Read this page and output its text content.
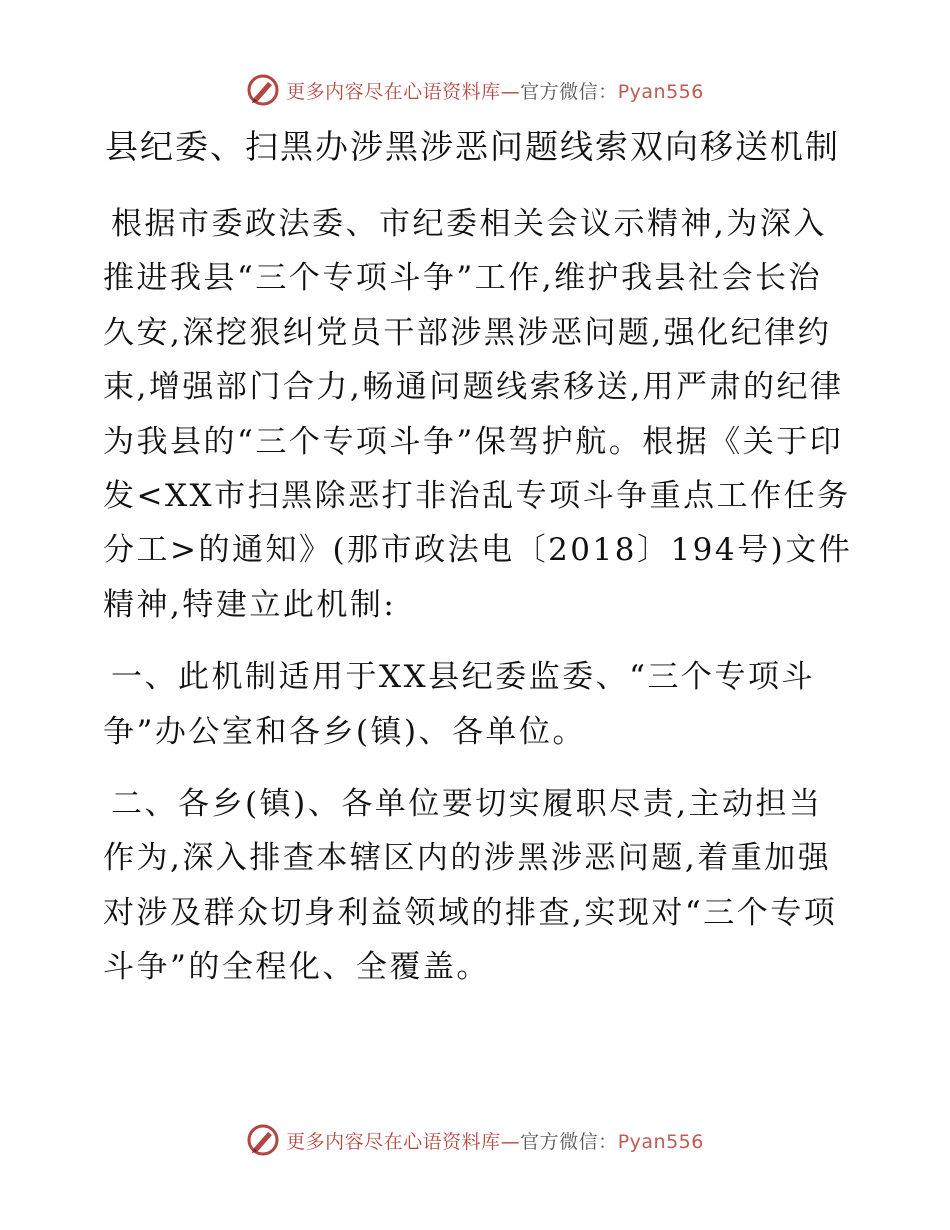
更多内容尽在心语资料库—官方微信：Pyan556
县纪委、扫黑办涉黑涉恶问题线索双向移送机制

根据市委政法委、市纪委相关会议示精神,为深入推进我县“三个专项斗争”工作,维护我县社会长治久安,深挖狠纠党员干部涉黑涉恶问题,强化纪律约束,增强部门合力,畅通问题线索移送,用严肃的纪律为我县的“三个专项斗争”保驾护航。根据《关于印发<XX市扫黑除恶打非治乱专项斗争重点工作任务分工>的通知》(那市政法电〔2018〕194号)文件精神,特建立此机制:

一、此机制适用于XX县纪委监委、“三个专项斗争”办公室和各乡(镇)、各单位。

二、各乡(镇)、各单位要切实履职尽责,主动担当作为,深入排查本辖区内的涉黑涉恶问题,着重加强对涉及群众切身利益领域的排查,实现对“三个专项斗争”的全程化、全覆盖。

更多内容尽在心语资料库—官方微信：Pyan556
